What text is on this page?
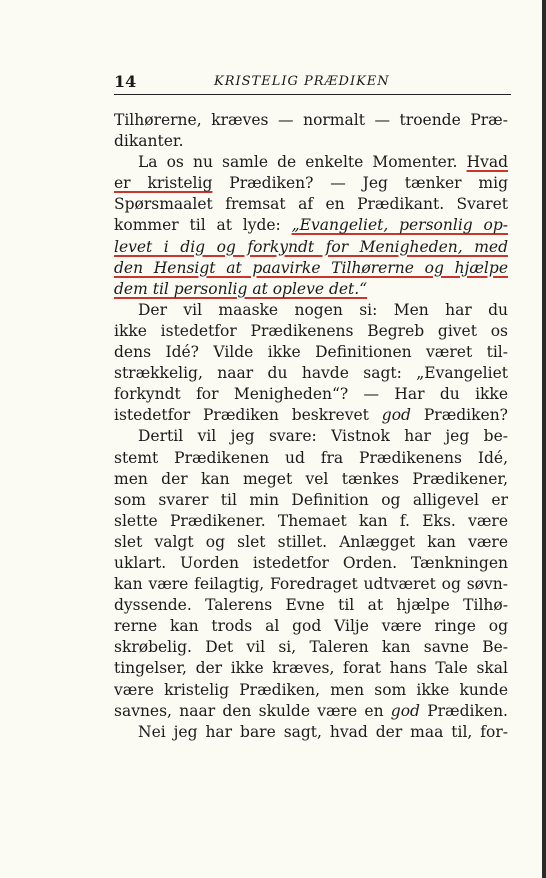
14	KRISTELIG PRÆDIKEN
Tilhørerne, kræves — normalt — troende Præ-
dikanter.
La os nu samle de enkelte Momenter. Hvad
er kristelig Prædiken? — Jeg tænker mig
Spørsmaalet fremsat af en Prædikant. Svaret
kommer til at lyde: „Evangeliet, personlig op-
levet i dig og forkyndt for Menigheden, med
den Hensigt at paavirke Tilhørerne og hjælpe
dem til personlig at opleve det.“
Der vil maaske nogen si: Men har du
ikke istedetfor Prædikenens Begreb givet os
dens Idé? Vilde ikke Definitionen været til-
strækkelig, naar du havde sagt: „Evangeliet
forkyndt for Menigheden“? — Har du ikke
istedetfor Prædiken beskrevet god Prædiken?
Dertil vil jeg svare: Vistnok har jeg be-
stemt Prædikenen ud fra Prædikenens Idé,
men der kan meget vel tænkes Prædikener,
som svarer til min Definition og alligevel er
slette Prædikener. Themaet kan f. Eks. være
slet valgt og slet stillet. Anlægget kan være
uklart. Uorden istedetfor Orden. Tænkningen
kan være feilagtig, Foredraget udtværet og søvn-
dyssende. Talerens Evne til at hjælpe Tilhø-
rerne kan trods al god Vilje være ringe og
skrøbelig. Det vil si, Taleren kan savne Be-
tingelser, der ikke kræves, forat hans Tale skal
være kristelig Prædiken, men som ikke kunde
savnes, naar den skulde være en god Prædiken.
Nei jeg har bare sagt, hvad der maa til, for-
